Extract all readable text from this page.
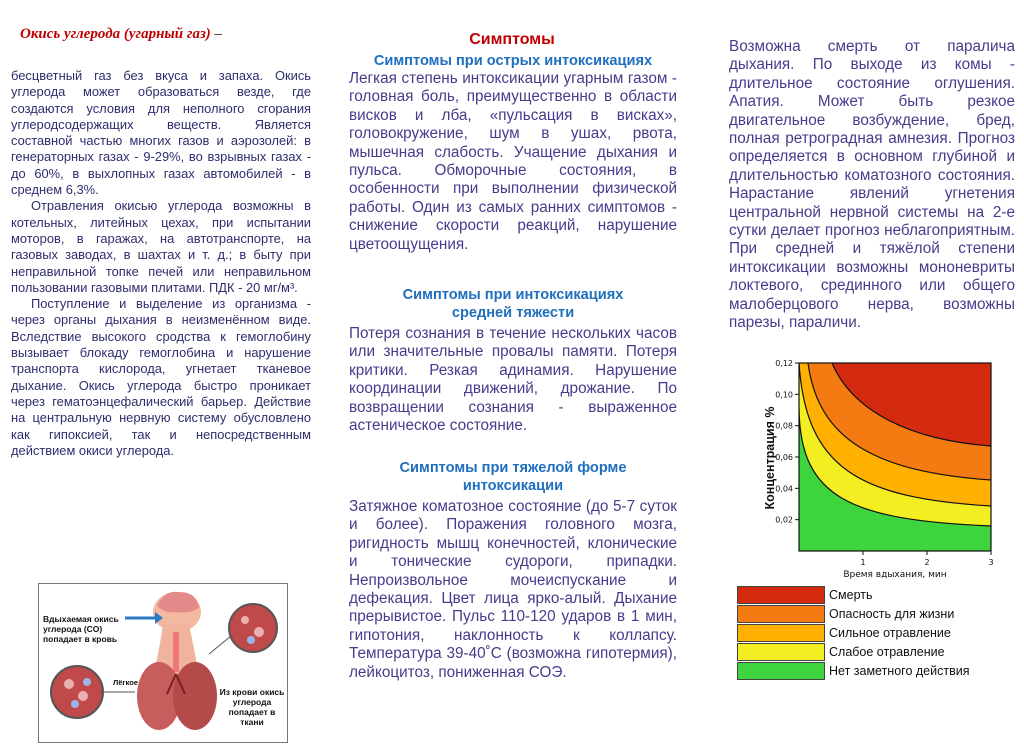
Окись углерода (угарный газ) –

бесцветный газ без вкуса и запаха. Окись углерода может образоваться везде, где создаются условия для неполного сгорания углеродсодержащих веществ. Является составной частью многих газов и аэрозолей: в генераторных газах - 9-29%, во взрывных газах - до 60%, в выхлопных газах автомобилей - в среднем 6,3%.

Отравления окисью углерода возможны в котельных, литейных цехах, при испытании моторов, в гаражах, на автотранспорте, на газовых заводах, в шахтах и т. д.; в быту при неправильной топке печей или неправильном пользовании газовыми плитами. ПДК - 20 мг/м³.

Поступление и выделение из организма - через органы дыхания в неизменённом виде. Вследствие высокого сродства к гемоглобину вызывает блокаду гемоглобина и нарушение транспорта кислорода, угнетает тканевое дыхание. Окись углерода быстро проникает через гематоэнцефалический барьер. Действие на центральную нервную систему обусловлено как гипоксией, так и непосредственным действием окиси углерода.

Вдыхаемая окись углерода (CO) попадает в кровь
Лёгкое
Из крови окись углерода попадает в ткани
Симптомы
Симптомы при острых интоксикациях

Легкая степень интоксикации угарным газом - головная боль, преимущественно в области висков и лба, «пульсация в висках», головокружение, шум в ушах, рвота, мышечная слабость. Учащение дыхания и пульса. Обморочные состояния, в особенности при выполнении физической работы. Один из самых ранних симптомов - снижение скорости реакций, нарушение цветоощущения.

Симптомы при интоксикациях средней тяжести

Потеря сознания в течение нескольких часов или значительные провалы памяти. Потеря критики. Резкая адинамия. Нарушение координации движений, дрожание. По возвращении сознания - выраженное астеническое состояние.

Симптомы при тяжелой форме интоксикации

Затяжное коматозное состояние (до 5-7 суток и более). Поражения головного мозга, ригидность мышц конечностей, клонические и тонические судороги, припадки. Непроизвольное мочеиспускание и дефекация. Цвет лица ярко-алый. Дыхание прерывистое. Пульс 110-120 ударов в 1 мин, гипотония, наклонность к коллапсу. Температура 39-40˚С (возможна гипотермия), лейкоцитоз, пониженная СОЭ.

Возможна смерть от паралича дыхания. По выходе из комы - длительное состояние оглушения. Апатия. Может быть резкое двигательное возбуждение, бред, полная ретроградная амнезия. Прогноз определяется в основном глубиной и длительностью коматозного состояния. Нарастание явлений угнетения центральной нервной системы на 2-е сутки делает прогноз неблагоприятным. При средней и тяжёлой степени интоксикации возможны мононевриты локтевого, срединного или общего малоберцового нерва, возможны парезы, параличи.

0,02
0,04
0,06
0,08
0,10
0,12
1	2	3
Концентрация %
Время вдыхания, мин
Смерть
Опасность для жизни
Сильное отравление
Слабое отравление
Нет заметного действия
